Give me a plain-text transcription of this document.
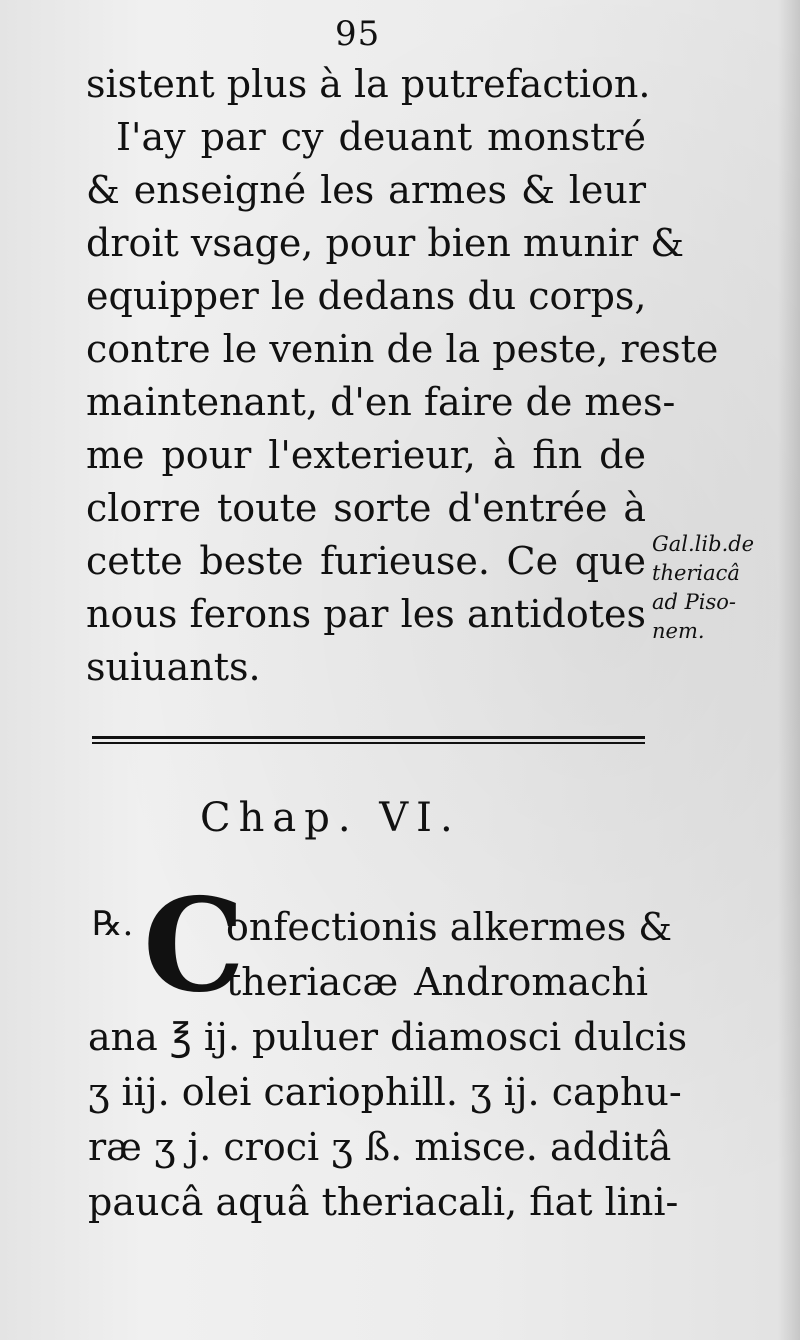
95
sistent plus à la putrefaction.
I'ay par cy deuant monstré
& enseigné les armes & leur
droit vsage, pour bien munir &
equipper le dedans du corps,
contre le venin de la peste, reste
maintenant, d'en faire de mes-
me pour l'exterieur, à fin de
clorre toute sorte d'entrée à
cette beste furieuse. Ce que
nous ferons par les antidotes
suiuants.
Gal.lib.de
theriacâ
ad Piso-
nem.
Chap. VI.
℞. C
onfectionis alkermes &
theriacæ Andromachi
ana ℥ ij. puluer diamosci dulcis
ʒ iij. olei cariophill. ʒ ij. caphu-
ræ ʒ j. croci ʒ ß. misce. additâ
paucâ aquâ theriacali, fiat lini-
